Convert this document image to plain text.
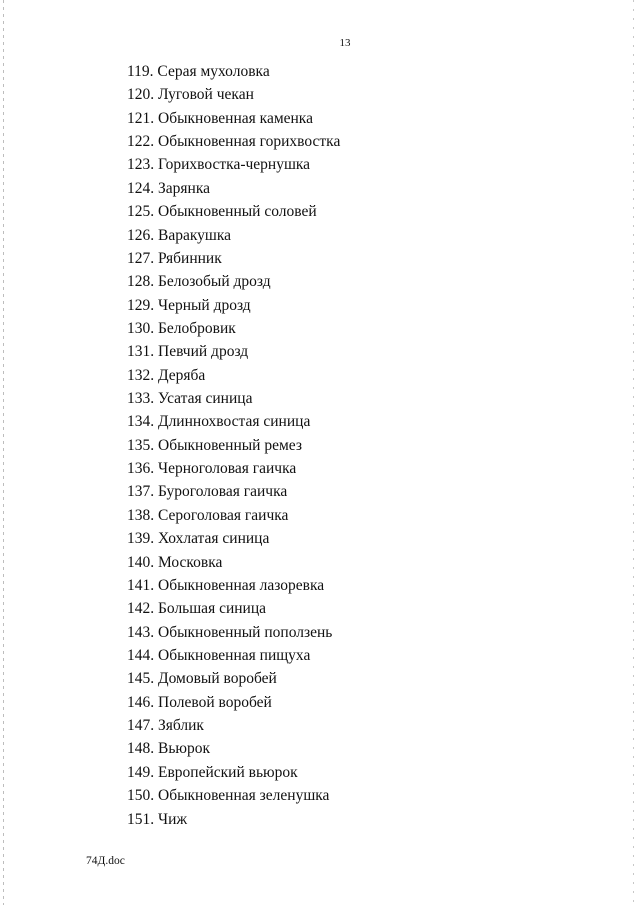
13
119. Серая мухоловка
120. Луговой чекан
121. Обыкновенная каменка
122. Обыкновенная горихвостка
123. Горихвостка-чернушка
124. Зарянка
125. Обыкновенный соловей
126. Варакушка
127. Рябинник
128. Белозобый дрозд
129. Черный дрозд
130. Белобровик
131. Певчий дрозд
132. Деряба
133. Усатая синица
134. Длиннохвостая синица
135. Обыкновенный ремез
136. Черноголовая гаичка
137. Буроголовая гаичка
138. Сероголовая гаичка
139. Хохлатая синица
140. Московка
141. Обыкновенная лазоревка
142. Большая синица
143. Обыкновенный поползень
144. Обыкновенная пищуха
145. Домовый воробей
146. Полевой воробей
147. Зяблик
148. Вьюрок
149. Европейский вьюрок
150. Обыкновенная зеленушка
151. Чиж
74Д.doc
